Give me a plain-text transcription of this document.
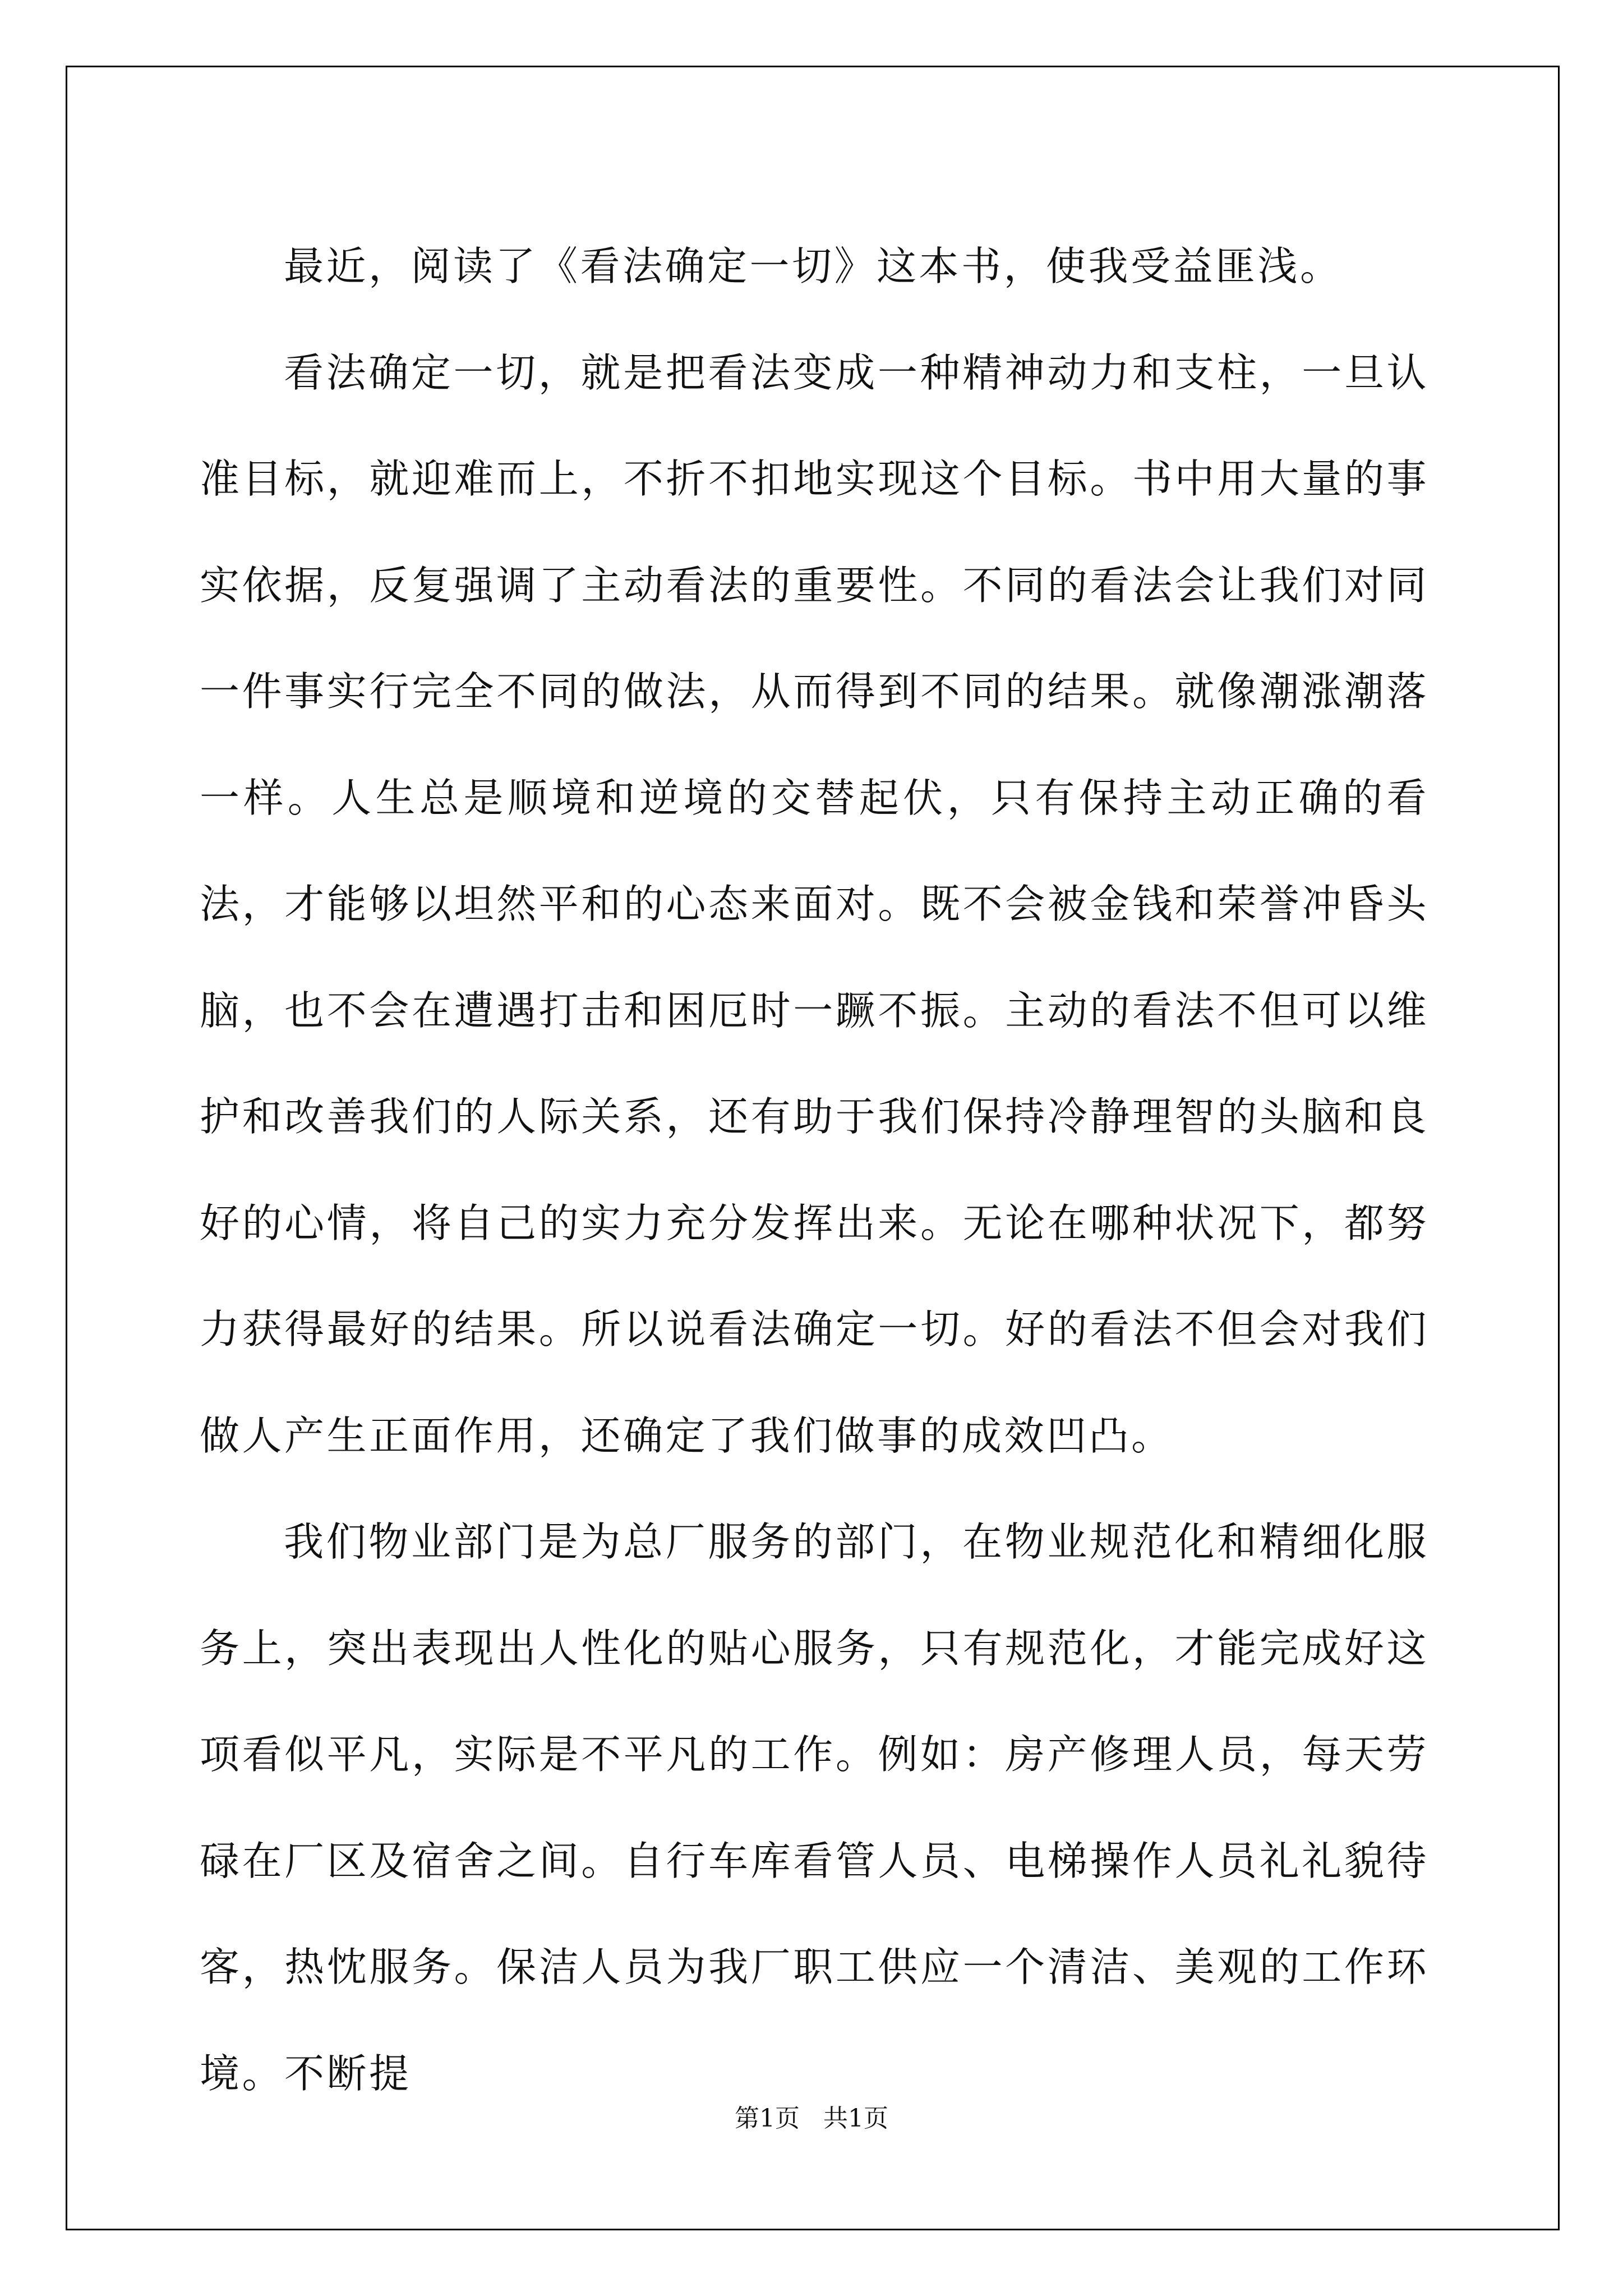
最近，阅读了《看法确定一切》这本书，使我受益匪浅。

看法确定一切，就是把看法变成一种精神动力和支柱，一旦认准目标，就迎难而上，不折不扣地实现这个目标。书中用大量的事实依据，反复强调了主动看法的重要性。不同的看法会让我们对同一件事实行完全不同的做法，从而得到不同的结果。就像潮涨潮落一样。人生总是顺境和逆境的交替起伏，只有保持主动正确的看法，才能够以坦然平和的心态来面对。既不会被金钱和荣誉冲昏头脑，也不会在遭遇打击和困厄时一蹶不振。主动的看法不但可以维护和改善我们的人际关系，还有助于我们保持冷静理智的头脑和良好的心情，将自己的实力充分发挥出来。无论在哪种状况下，都努力获得最好的结果。所以说看法确定一切。好的看法不但会对我们做人产生正面作用，还确定了我们做事的成效凹凸。

我们物业部门是为总厂服务的部门，在物业规范化和精细化服务上，突出表现出人性化的贴心服务，只有规范化，才能完成好这项看似平凡，实际是不平凡的工作。例如：房产修理人员，每天劳碌在厂区及宿舍之间。自行车库看管人员、电梯操作人员礼礼貌待客，热忱服务。保洁人员为我厂职工供应一个清洁、美观的工作环境。不断提

第1页   共1页
